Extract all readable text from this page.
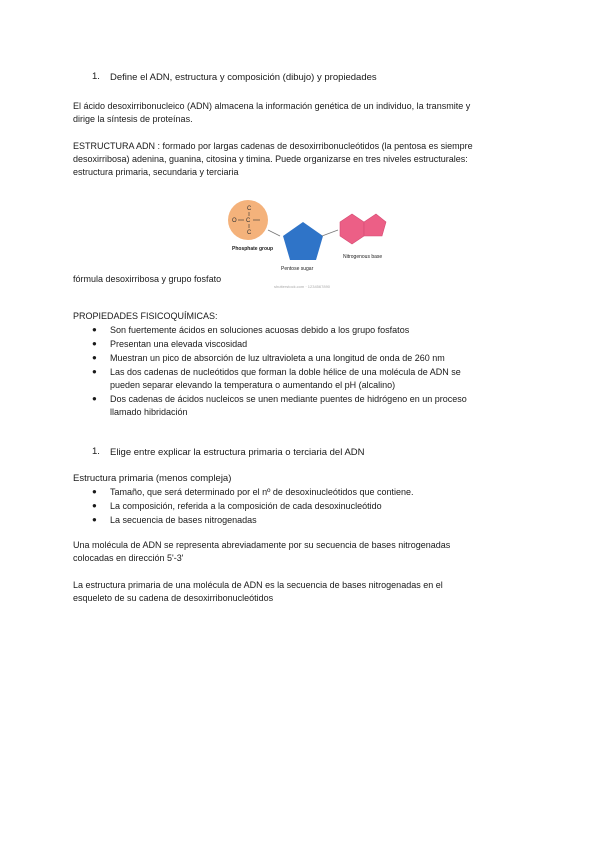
1. Define el ADN, estructura y composición (dibujo) y propiedades
El ácido desoxirribonucleico (ADN) almacena la información genética de un individuo, la transmite y
dirige la síntesis de proteínas.
ESTRUCTURA ADN : formado por largas cadenas de desoxirribonucleótidos (la pentosa es siempre
desoxirribosa) adenina, guanina, citosina y timina. Puede organizarse en tres niveles estructurales:
estructura primaria, secundaria y terciaria
C
O C
C
Phosphate group
Pentose sugar
Nitrogenous base
shutterstock.com · 1234567890
fórmula desoxirribosa y grupo fosfato
PROPIEDADES FISICOQUÍMICAS:
● Son fuertemente ácidos en soluciones acuosas debido a los grupo fosfatos
● Presentan una elevada viscosidad
● Muestran un pico de absorción de luz ultravioleta a una longitud de onda de 260 nm
● Las dos cadenas de nucleótidos que forman la doble hélice de una molécula de ADN se
pueden separar elevando la temperatura o aumentando el pH (alcalino)
● Dos cadenas de ácidos nucleicos se unen mediante puentes de hidrógeno en un proceso
llamado hibridación
1. Elige entre explicar la estructura primaria o terciaria del ADN
Estructura primaria (menos compleja)
● Tamaño, que será determinado por el nº de desoxinucleótidos que contiene.
● La composición, referida a la composición de cada desoxinucleótido
● La secuencia de bases nitrogenadas
Una molécula de ADN se representa abreviadamente por su secuencia de bases nitrogenadas
colocadas en dirección 5'-3'
La estructura primaria de una molécula de ADN es la secuencia de bases nitrogenadas en el
esqueleto de su cadena de desoxirribonucleótidos
